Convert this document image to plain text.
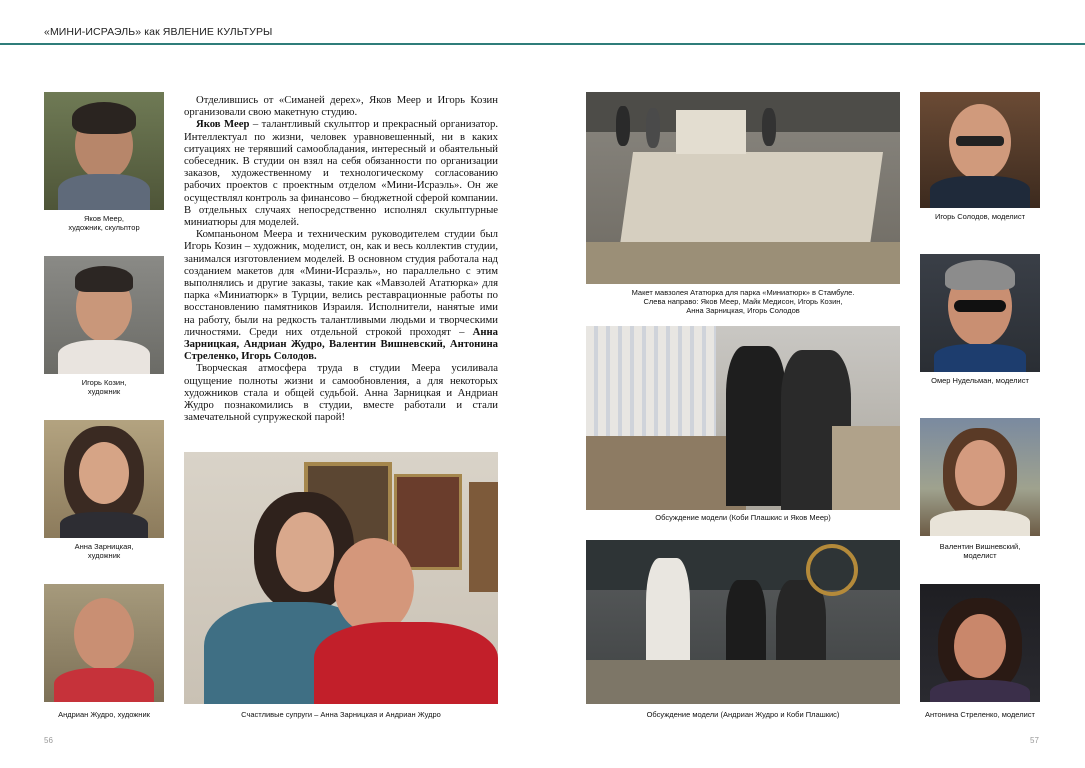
«МИНИ-ИСРАЭЛЬ» как ЯВЛЕНИЕ КУЛЬТУРЫ
Яков Меер,
художник, скульптор
Игорь Козин,
художник
Анна Зарницкая,
художник
Андриан Жудро, художник

Отделившись от «Симаней дерех», Яков Меер и Игорь Козин организовали свою макетную студию.

Яков Меер – талантливый скульптор и прекрасный организатор. Интеллектуал по жизни, человек уравновешенный, ни в каких ситуациях не терявший самообладания, интересный и обаятельный собеседник. В студии он взял на себя обязанности по организации заказов, художественному и технологическому согласованию рабочих проектов с проектным отделом «Мини-Исраэль». Он же осуществлял контроль за финансово – бюджетной сферой компании. В отдельных случаях непосредственно исполнял скульптурные миниатюры для моделей.

Компаньоном Меера и техническим руководителем студии был Игорь Козин – художник, моделист, он, как и весь коллектив студии, занимался изготовлением моделей. В основном студия работала над созданием макетов для «Мини-Исраэль», но параллельно с этим выполнялись и другие заказы, такие как «Мавзолей Ататюрка» для парка «Миниатюрк» в Турции, велись реставрационные работы по восстановлению памятников Израиля. Исполнители, нанятые ими на работу, были на редкость талантливыми людьми и творческими личностями. Среди них отдельной строкой проходят – Анна Зарницкая, Андриан Жудро, Валентин Вишневский, Антонина Стреленко, Игорь Солодов.

Творческая атмосфера труда в студии Меера усиливала ощущение полноты жизни и самообновления, а для некоторых художников стала и общей судьбой. Анна Зарницкая и Андриан Жудро познакомились в студии, вместе работали и стали замечательной супружеской парой!

Счастливые супруги – Анна Зарницкая и Андриан Жудро
Макет мавзолея Ататюрка для парка «Миниатюрк» в Стамбуле.
Слева направо: Яков Меер, Майк Медисон, Игорь Козин,
Анна Зарницкая, Игорь Солодов
Обсуждение модели (Коби Плашкис и Яков Меер)
Обсуждение модели (Андриан Жудро и Коби Плашкис)
Игорь Солодов, моделист
Омер Нудельман, моделист
Валентин Вишневский,
моделист
Антонина Стреленко, моделист
56	57
